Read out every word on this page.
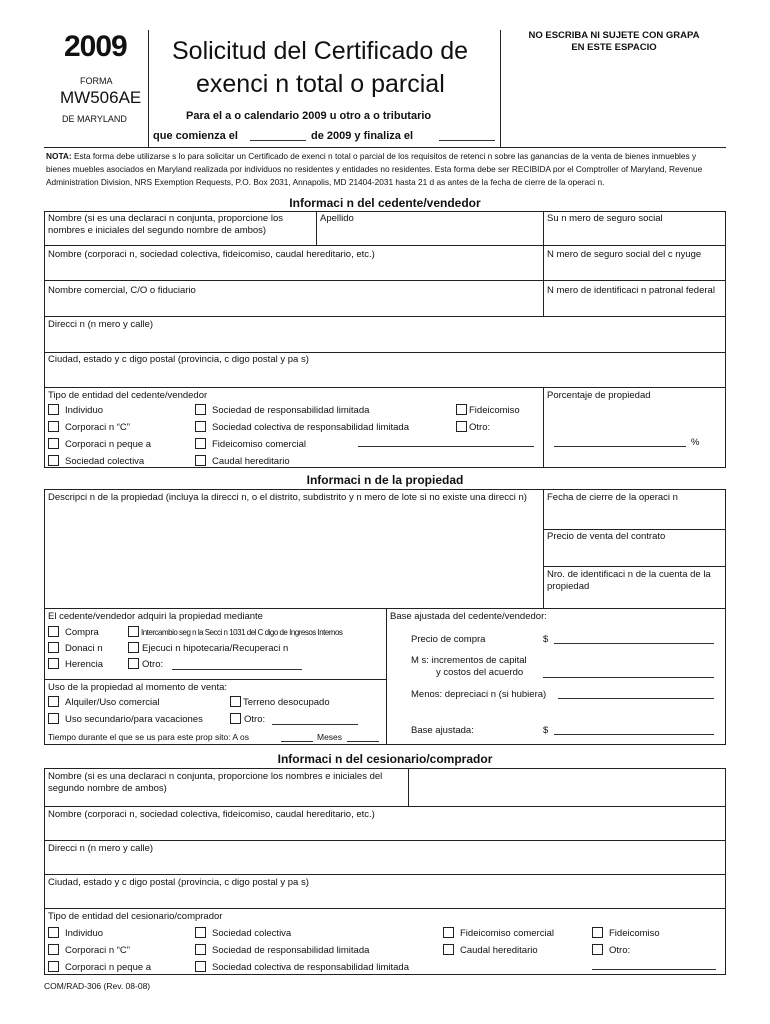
2009
FORMA
MW506AE
DE MARYLAND
Solicitud del Certificado de
exenci n total o parcial
Para el a o calendario 2009 u otro a o tributario
que comienza el	de 2009 y finaliza el
NO ESCRIBA NI SUJETE CON GRAPA
EN ESTE ESPACIO
NOTA: Esta forma debe utilizarse s lo para solicitar un Certificado de exenci n total o parcial de los requisitos de retenci n sobre las ganancias de la venta de bienes inmuebles y
bienes muebles asociados en Maryland realizada por individuos no residentes y entidades no residentes. Esta forma debe ser RECIBIDA por el Comptroller of Maryland, Revenue
Administration Division, NRS Exemption Requests, P.O. Box 2031, Annapolis, MD 21404-2031 hasta 21 d as antes de la fecha de cierre de la operaci n.
Informaci n del cedente/vendedor
Nombre (si es una declaraci n conjunta, proporcione los nombres e iniciales del segundo nombre de ambos)
Apellido	Su n mero de seguro social
Nombre (corporaci n, sociedad colectiva, fideicomiso, caudal hereditario, etc.)	N mero de seguro social del c nyuge
Nombre comercial, C/O o fiduciario	N mero de identificaci n patronal federal
Direcci n (n mero y calle)
Ciudad, estado y c digo postal (provincia, c digo postal y pa s)
Tipo de entidad del cedente/vendedor	Porcentaje de propiedad
Individuo
Corporaci n “C”
Corporaci n peque a
Sociedad colectiva
Sociedad de responsabilidad limitada
Sociedad colectiva de responsabilidad limitada
Fideicomiso comercial
Caudal hereditario
Fideicomiso
Otro:
%
Informaci n de la propiedad
Descripci n de la propiedad (incluya la direcci n, o el distrito, subdistrito y n mero de lote si no existe una direcci n)	Fecha de cierre de la operaci n
Precio de venta del contrato
Nro. de identificaci n de la cuenta de la propiedad
El cedente/vendedor adquiri la propiedad mediante
Compra
Donaci n
Herencia
Intercambio seg n la Secci n 1031 del C digo de Ingresos Internos
Ejecuci n hipotecaria/Recuperaci n
Otro:
Uso de la propiedad al momento de venta:
Alquiler/Uso comercial
Uso secundario/para vacaciones
Terreno desocupado
Otro:
Tiempo durante el que se us para este prop sito: A os	Meses
Base ajustada del cedente/vendedor:
Precio de compra	$
M s: incrementos de capital
y costos del acuerdo
Menos: depreciaci n (si hubiera)
Base ajustada:	$
Informaci n del cesionario/comprador
Nombre (si es una declaraci n conjunta, proporcione los nombres e iniciales del segundo nombre de ambos)
Nombre (corporaci n, sociedad colectiva, fideicomiso, caudal hereditario, etc.)
Direcci n (n mero y calle)
Ciudad, estado y c digo postal (provincia, c digo postal y pa s)
Tipo de entidad del cesionario/comprador
Individuo
Corporaci n “C”
Corporaci n peque a
Sociedad colectiva
Sociedad de responsabilidad limitada
Sociedad colectiva de responsabilidad limitada
Fideicomiso comercial
Caudal hereditario
Fideicomiso
Otro:
COM/RAD-306 (Rev. 08-08)
